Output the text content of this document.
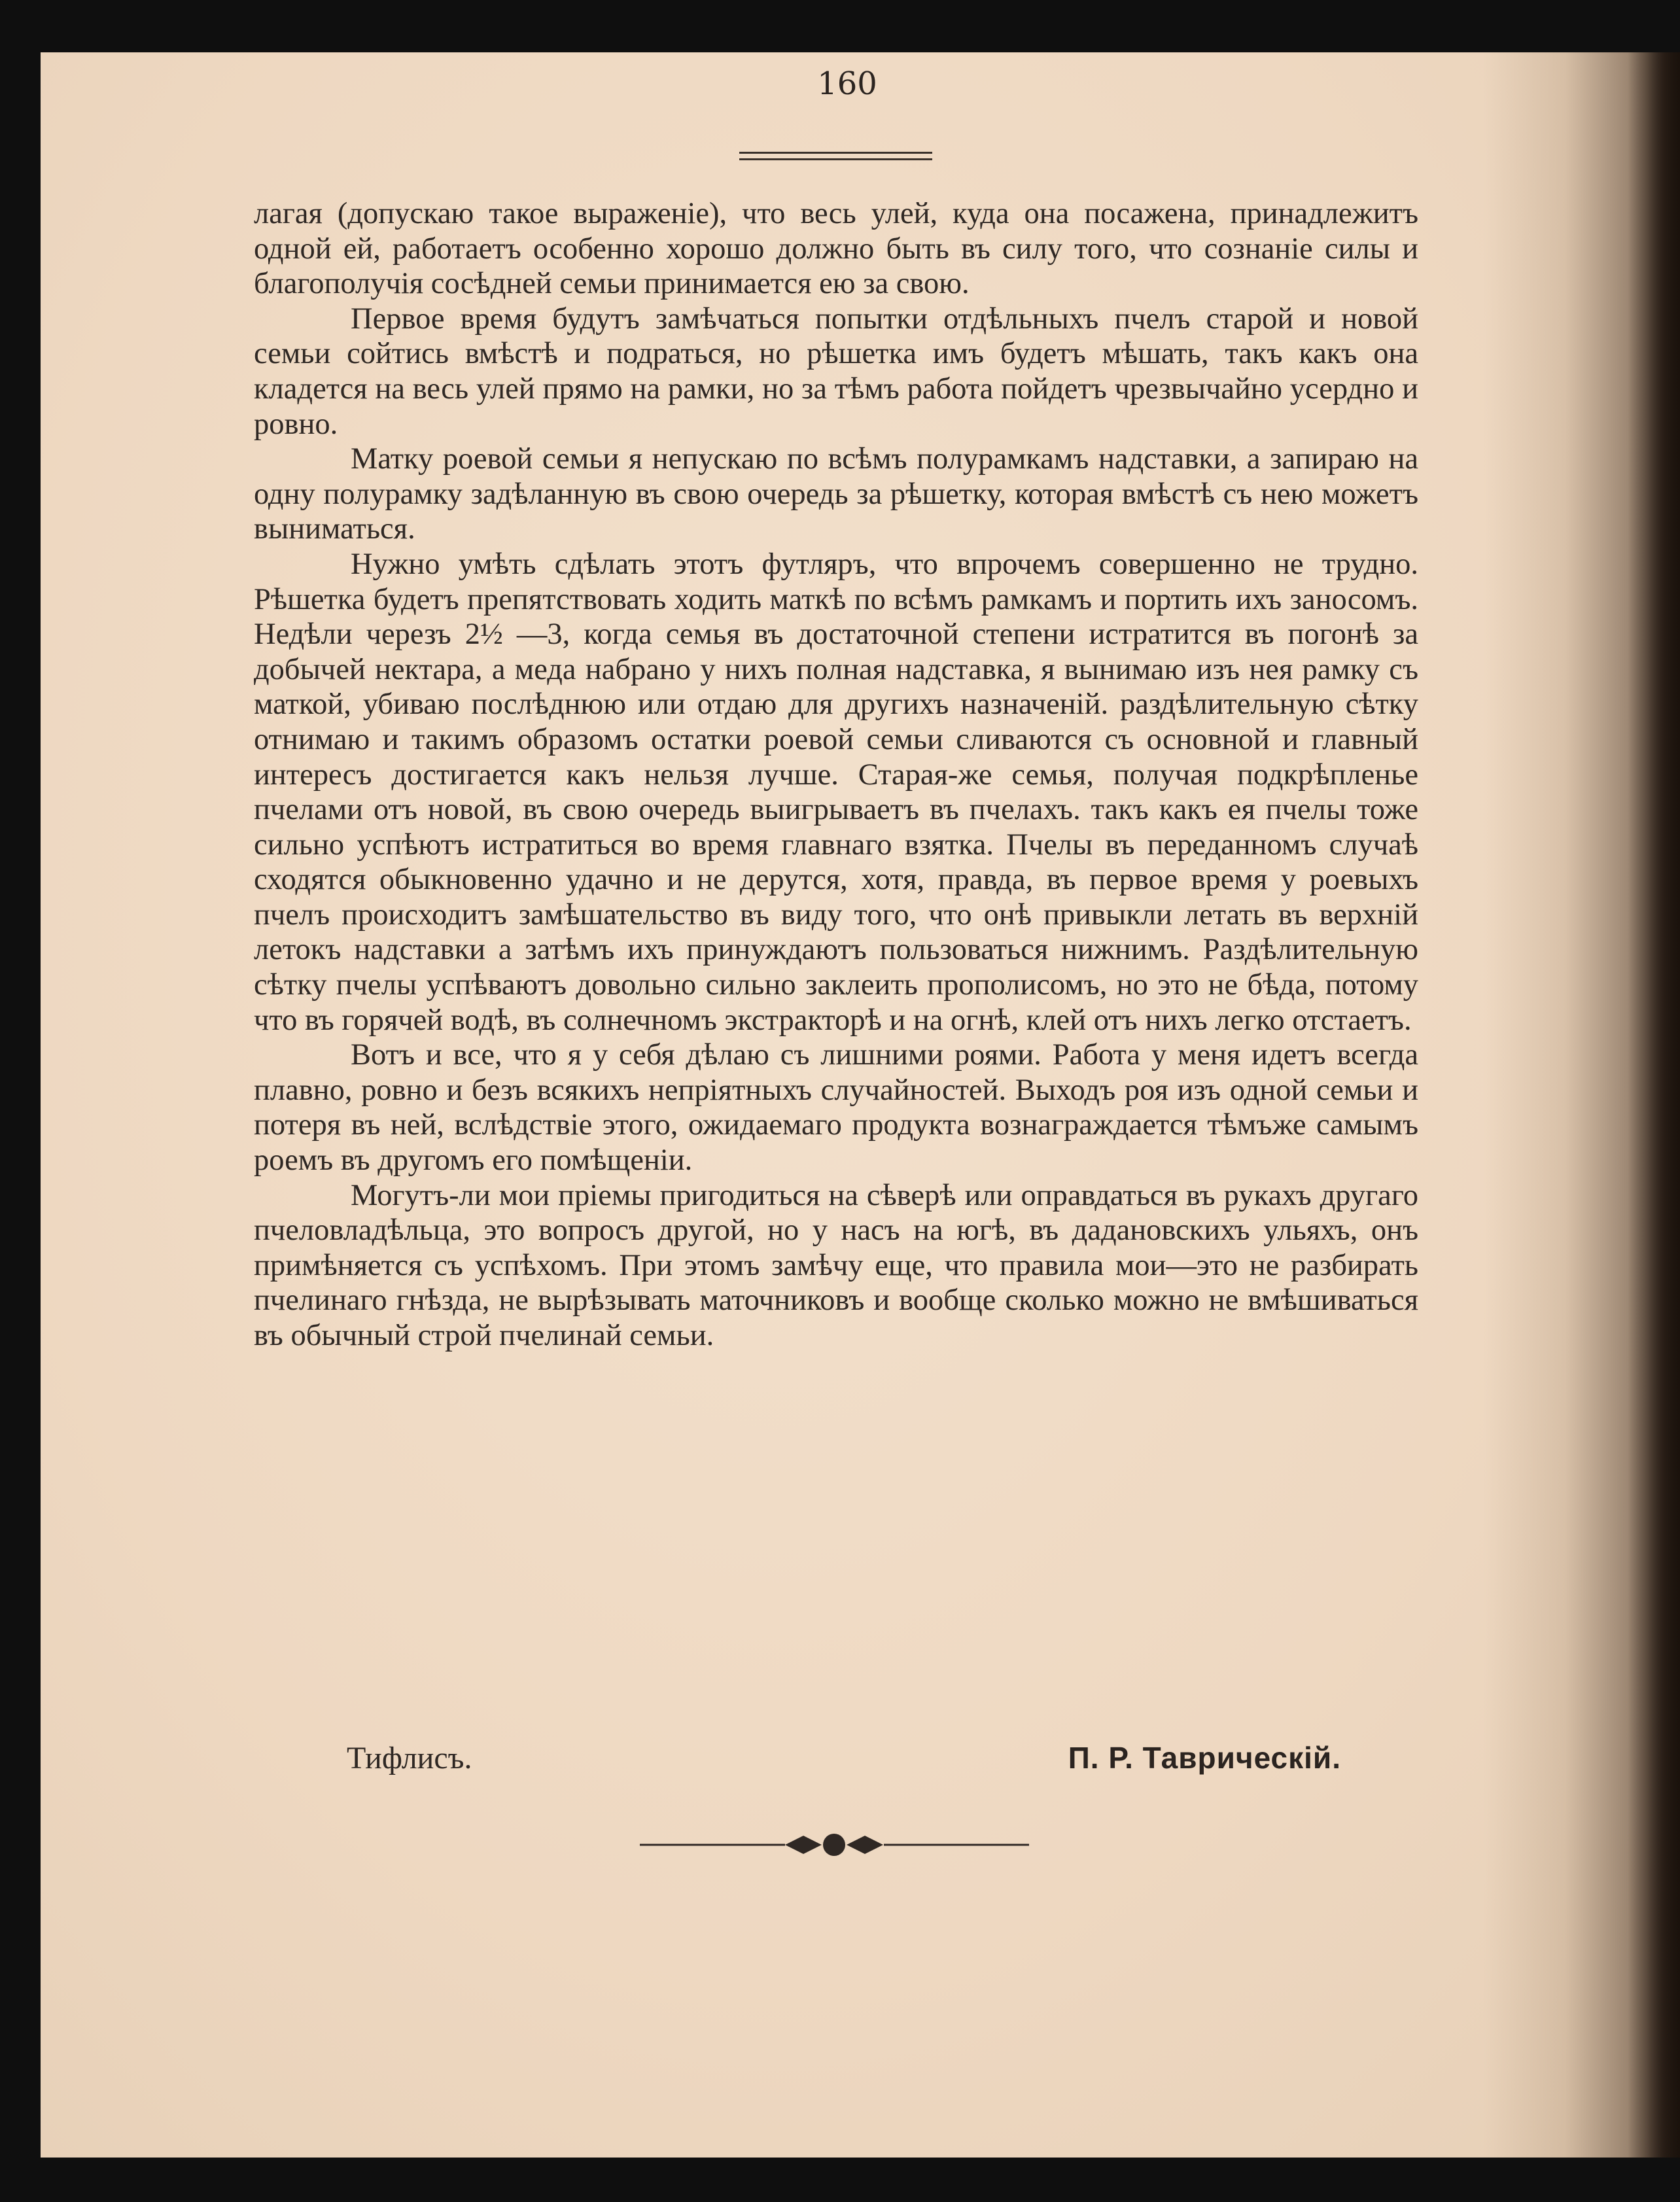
160

лагая (допускаю такое выраженіе), что весь улей, куда она посажена, принадлежитъ одной ей, работаетъ особенно хорошо должно быть въ силу того, что сознаніе силы и благополучія сосѣдней семьи принимается ею за свою.

Первое время будутъ замѣчаться попытки отдѣльныхъ пчелъ старой и новой семьи сойтись вмѣстѣ и подраться, но рѣшетка имъ будетъ мѣшать, такъ какъ она кладется на весь улей прямо на рамки, но за тѣмъ работа пойдетъ чрезвычайно усердно и ровно.

Матку роевой семьи я непускаю по всѣмъ полурамкамъ надставки, а запираю на одну полурамку задѣланную въ свою очередь за рѣшетку, которая вмѣстѣ съ нею можетъ выниматься.

Нужно умѣть сдѣлать этотъ футляръ, что впрочемъ совершенно не трудно. Рѣшетка будетъ препятствовать ходить маткѣ по всѣмъ рамкамъ и портить ихъ заносомъ. Недѣли черезъ 2½ —3, когда семья въ достаточной степени истратится въ погонѣ за добычей нектара, а меда набрано у нихъ полная надставка, я вынимаю изъ нея рамку съ маткой, убиваю послѣднюю или отдаю для другихъ назначеній. раздѣлительную сѣтку отнимаю и такимъ образомъ остатки роевой семьи сливаются съ основной и главный интересъ достигается какъ нельзя лучше. Старая-же семья, получая подкрѣпленье пчелами отъ новой, въ свою очередь выигрываетъ въ пчелахъ. такъ какъ ея пчелы тоже сильно успѣютъ истратиться во время главнаго взятка. Пчелы въ переданномъ случаѣ сходятся обыкновенно удачно и не дерутся, хотя, правда, въ первое время у роевыхъ пчелъ происходитъ замѣшательство въ виду того, что онѣ привыкли летать въ верхній летокъ надставки а затѣмъ ихъ принуждаютъ пользоваться нижнимъ. Раздѣлительную сѣтку пчелы успѣваютъ довольно сильно заклеить прополисомъ, но это не бѣда, потому что въ горячей водѣ, въ солнечномъ экстракторѣ и на огнѣ, клей отъ нихъ легко отстаетъ.

Вотъ и все, что я у себя дѣлаю съ лишними роями. Работа у меня идетъ всегда плавно, ровно и безъ всякихъ непріятныхъ случайностей. Выходъ роя изъ одной семьи и потеря въ ней, вслѣдствіе этого, ожидаемаго продукта вознаграждается тѣмъже самымъ роемъ въ другомъ его помѣщеніи.

Могутъ-ли мои пріемы пригодиться на сѣверѣ или оправдаться въ рукахъ другаго пчеловладѣльца, это вопросъ другой, но у насъ на югѣ, въ дадановскихъ ульяхъ, онъ примѣняется съ успѣхомъ. При этомъ замѣчу еще, что правила мои—это не разбирать пчелинаго гнѣзда, не вырѣзывать маточниковъ и вообще сколько можно не вмѣшиваться въ обычный строй пчелинай семьи.

Тифлисъ.	П. Р. Таврическій.
